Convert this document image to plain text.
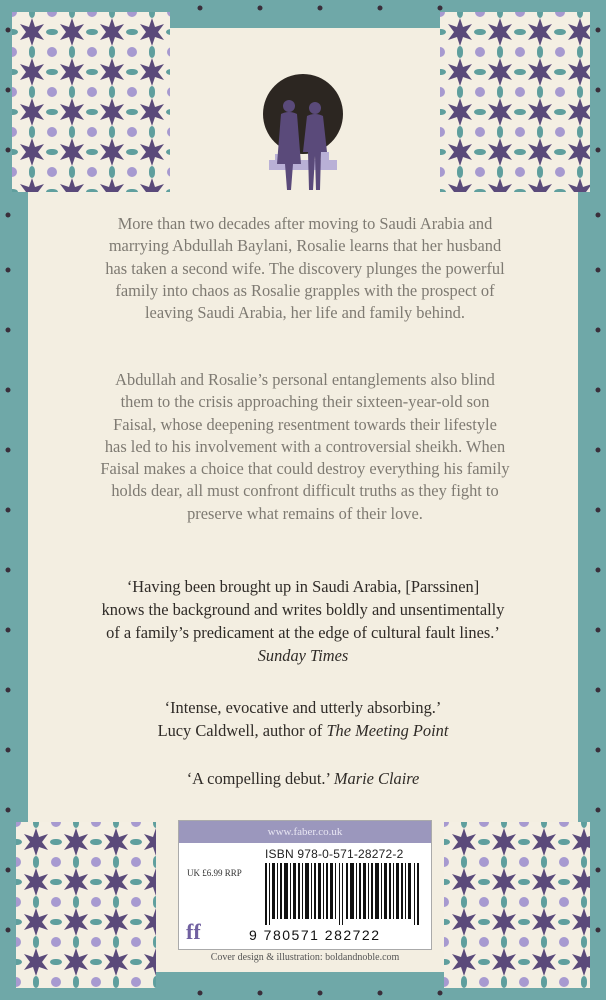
More than two decades after moving to Saudi Arabia and
marrying Abdullah Baylani, Rosalie learns that her husband
has taken a second wife. The discovery plunges the powerful
family into chaos as Rosalie grapples with the prospect of
leaving Saudi Arabia, her life and family behind.

Abdullah and Rosalie’s personal entanglements also blind
them to the crisis approaching their sixteen-year-old son
Faisal, whose deepening resentment towards their lifestyle
has led to his involvement with a controversial sheikh. When
Faisal makes a choice that could destroy everything his family
holds dear, all must confront difficult truths as they fight to
preserve what remains of their love.

‘Having been brought up in Saudi Arabia, [Parssinen]
knows the background and writes boldly and unsentimentally
of a family’s predicament at the edge of cultural fault lines.’
Sunday Times

‘Intense, evocative and utterly absorbing.’
Lucy Caldwell, author of The Meeting Point

‘A compelling debut.’ Marie Claire

www.faber.co.uk
ISBN 978-0-571-28272-2
UK £6.99 RRP
9 780571 282722
ff
Cover design & illustration: boldandnoble.com
